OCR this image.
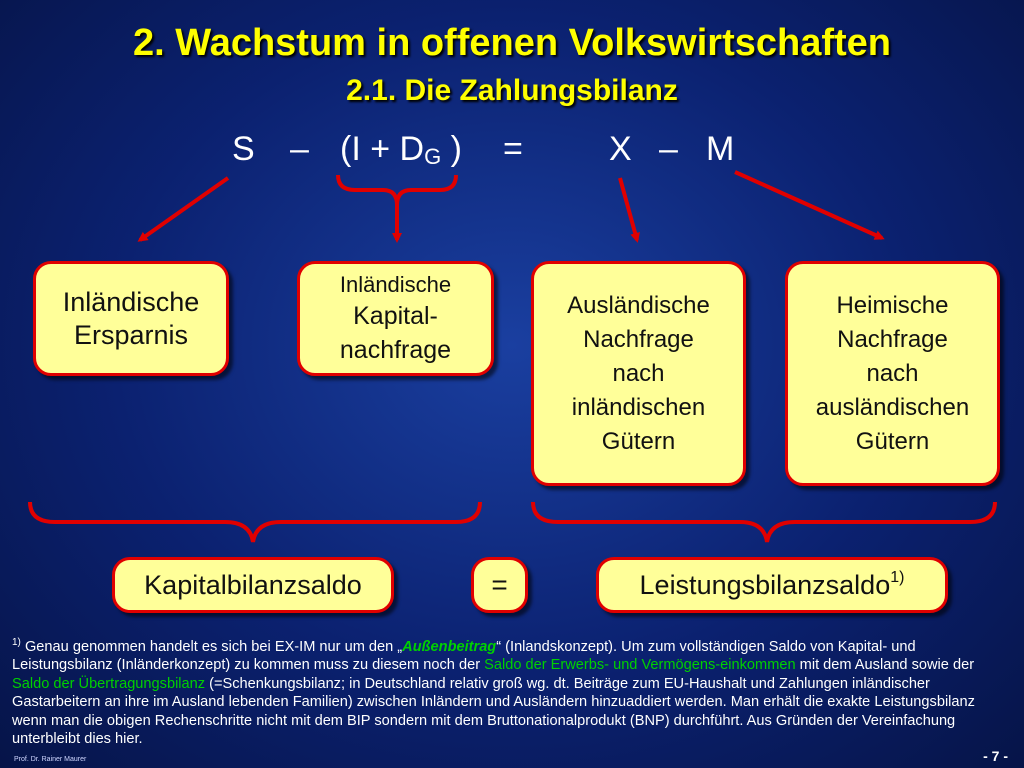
2. Wachstum in offenen Volkswirtschaften
2.1. Die Zahlungsbilanz
$S - (I + D_G$ ) =	X – M
Inländische
Ersparnis
Inländische
Kapital-
nachfrage
Ausländische
Nachfrage
nach
inländischen
Gütern
Heimische
Nachfrage
nach
ausländischen
Gütern
Kapitalbilanzsaldo	=	Leistungsbilanzsaldo$^{1)}$
$^{1)}$ Genau genommen handelt es sich bei EX-IM nur um den „Außenbeitrag“ (Inlandskonzept). Um zum vollständigen Saldo von Kapital- und Leistungsbilanz (Inländerkonzept) zu kommen muss zu diesem noch der Saldo der Erwerbs- und Vermögens-einkommen mit dem Ausland sowie der Saldo der Übertragungsbilanz (=Schenkungsbilanz; in Deutschland relativ groß wg. dt. Beiträge zum EU-Haushalt und Zahlungen inländischer Gastarbeitern an ihre im Ausland lebenden Familien) zwischen Inländern und Ausländern hinzuaddiert werden. Man erhält die exakte Leistungsbilanz wenn man die obigen Rechenschritte nicht mit dem BIP sondern mit dem Bruttonationalprodukt (BNP) durchführt. Aus Gründen der Vereinfachung unterbleibt dies hier.
Prof. Dr. Rainer Maurer	- 7 -
